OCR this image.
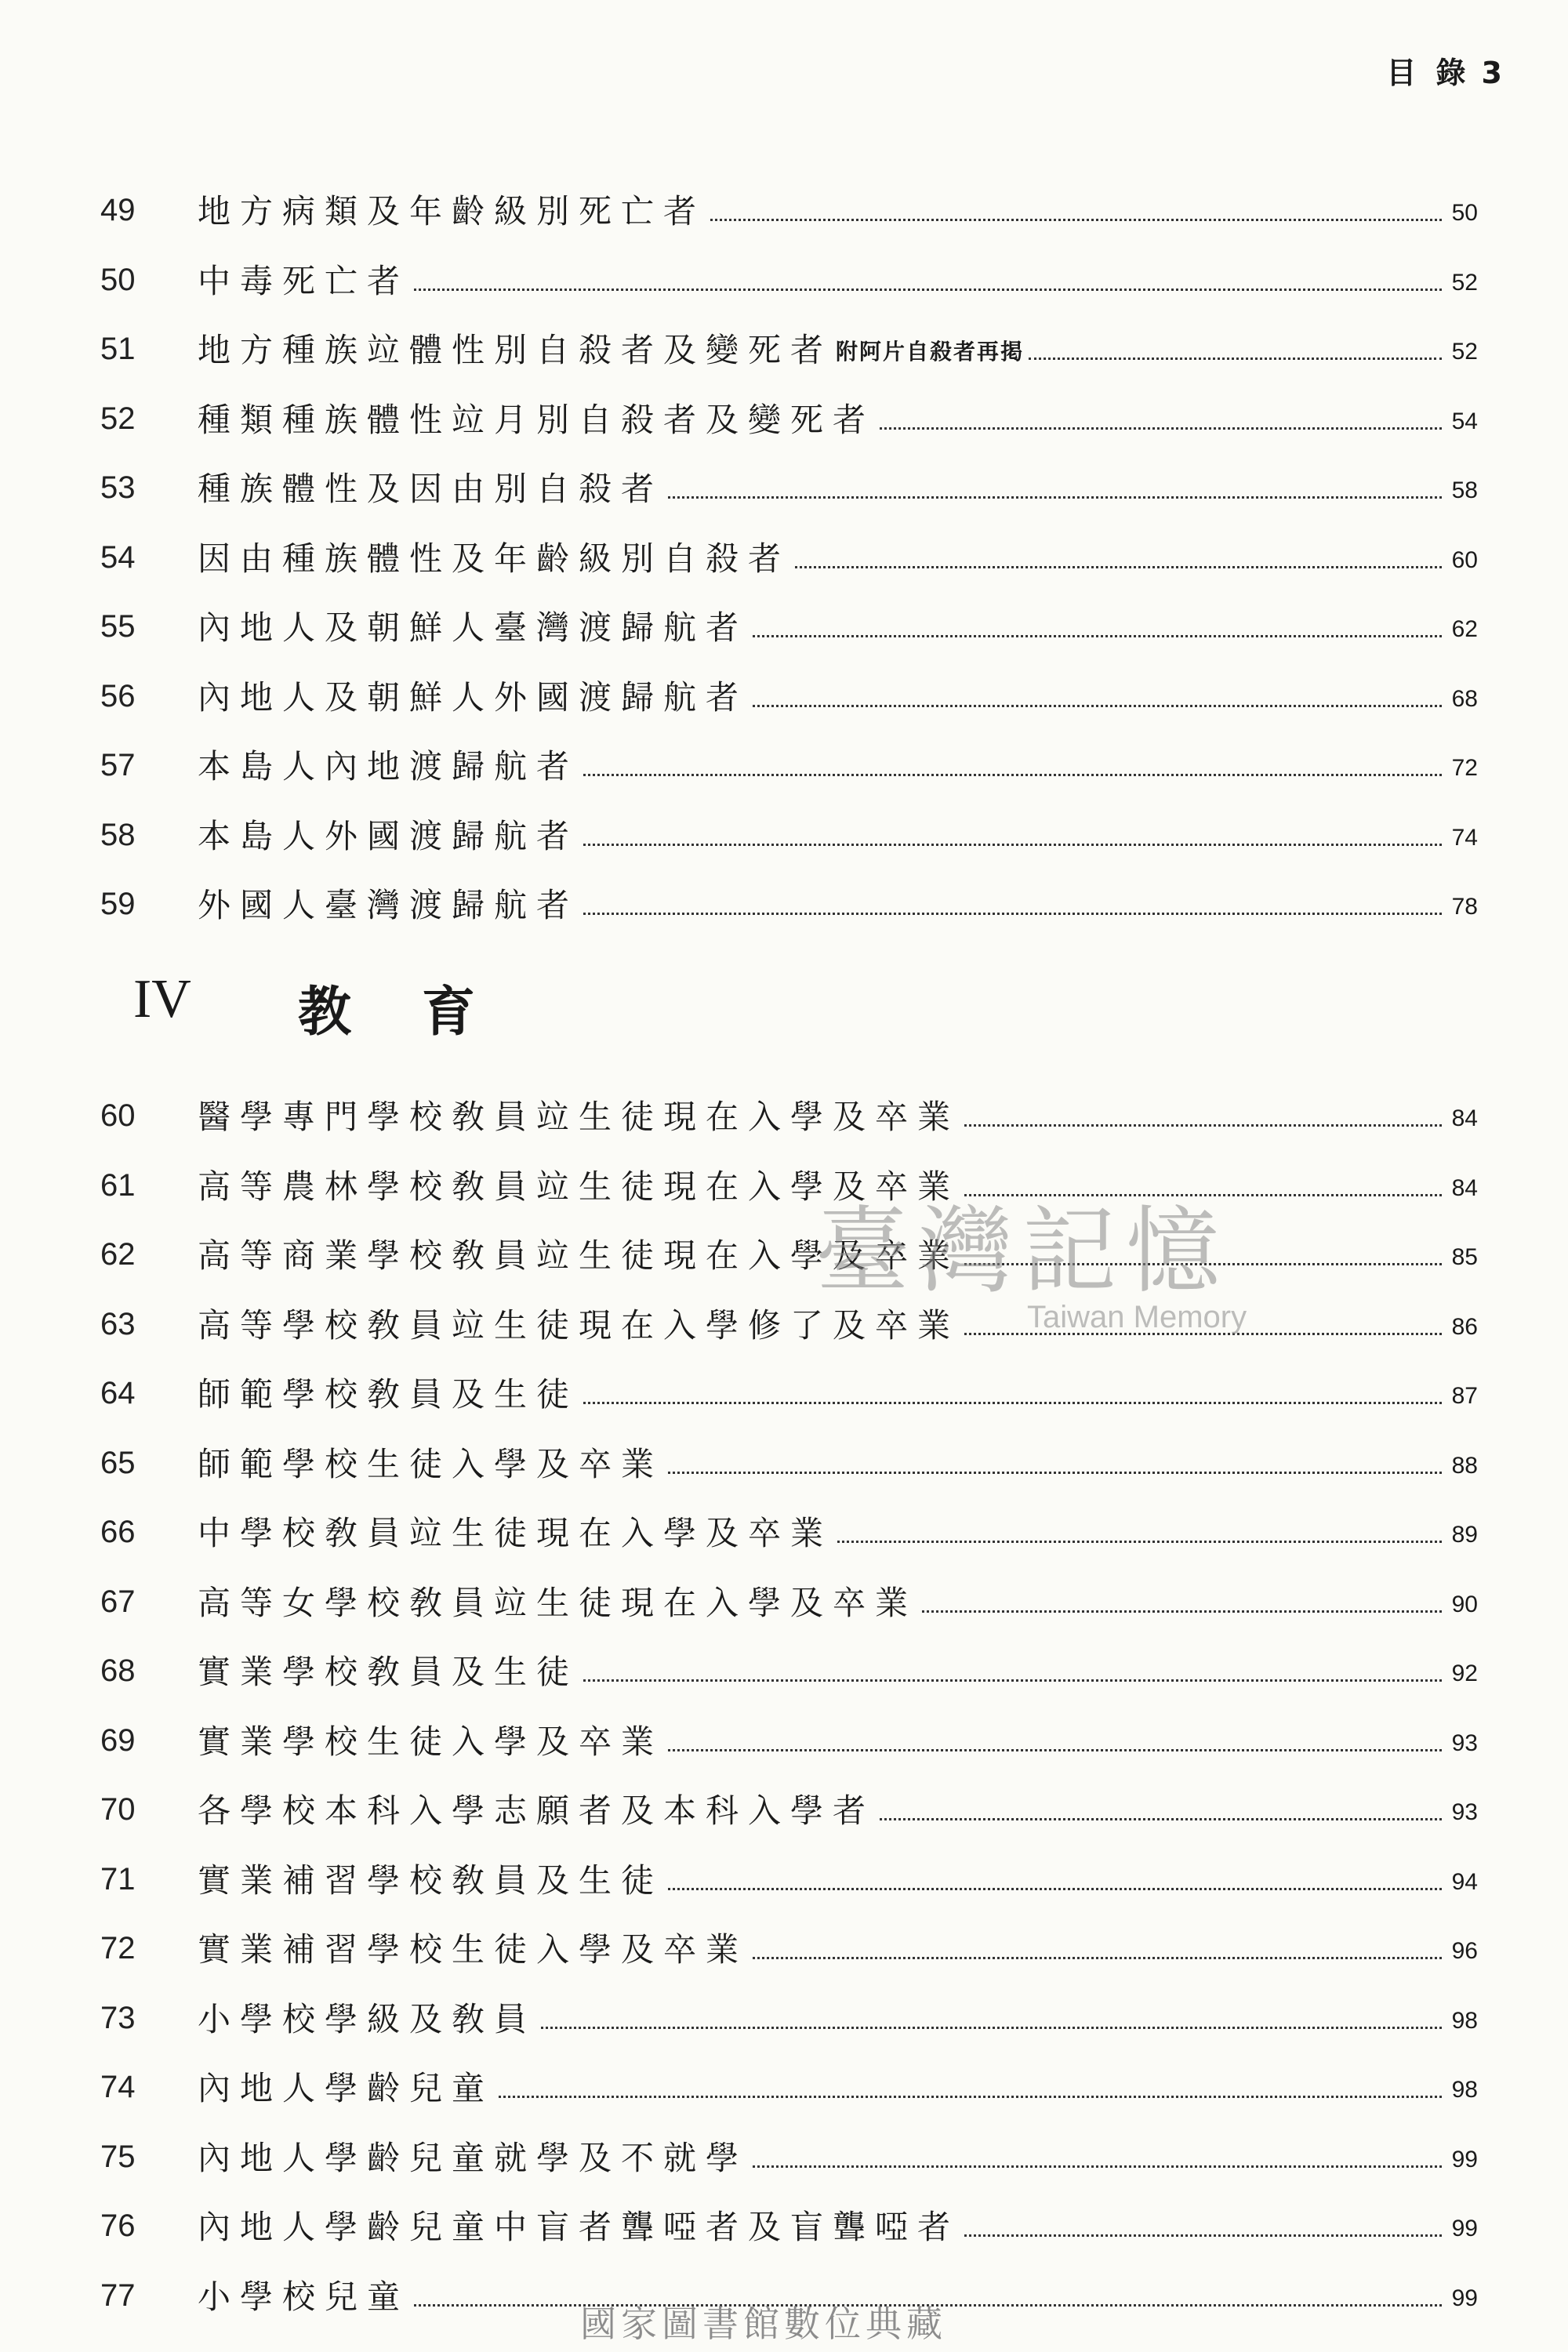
目 錄 3
49	地方病類及年齡級別死亡者	50
50	中毒死亡者	52
51	地方種族竝體性別自殺者及變死者 附阿片自殺者再掲	52
52	種類種族體性竝月別自殺者及變死者	54
53	種族體性及因由別自殺者	58
54	因由種族體性及年齡級別自殺者	60
55	內地人及朝鮮人臺灣渡歸航者	62
56	內地人及朝鮮人外國渡歸航者	68
57	本島人內地渡歸航者	72
58	本島人外國渡歸航者	74
59	外國人臺灣渡歸航者	78
IV 教育
60	醫學專門學校敎員竝生徒現在入學及卒業	84
61	高等農林學校敎員竝生徒現在入學及卒業	84
62	高等商業學校敎員竝生徒現在入學及卒業	85
63	高等學校敎員竝生徒現在入學修了及卒業	86
64	師範學校敎員及生徒	87
65	師範學校生徒入學及卒業	88
66	中學校敎員竝生徒現在入學及卒業	89
67	高等女學校敎員竝生徒現在入學及卒業	90
68	實業學校敎員及生徒	92
69	實業學校生徒入學及卒業	93
70	各學校本科入學志願者及本科入學者	93
71	實業補習學校敎員及生徒	94
72	實業補習學校生徒入學及卒業	96
73	小學校學級及敎員	98
74	內地人學齡兒童	98
75	內地人學齡兒童就學及不就學	99
76	內地人學齡兒童中盲者聾啞者及盲聾啞者	99
77	小學校兒童	99
臺灣記憶
Taiwan Memory
國家圖書館數位典藏
